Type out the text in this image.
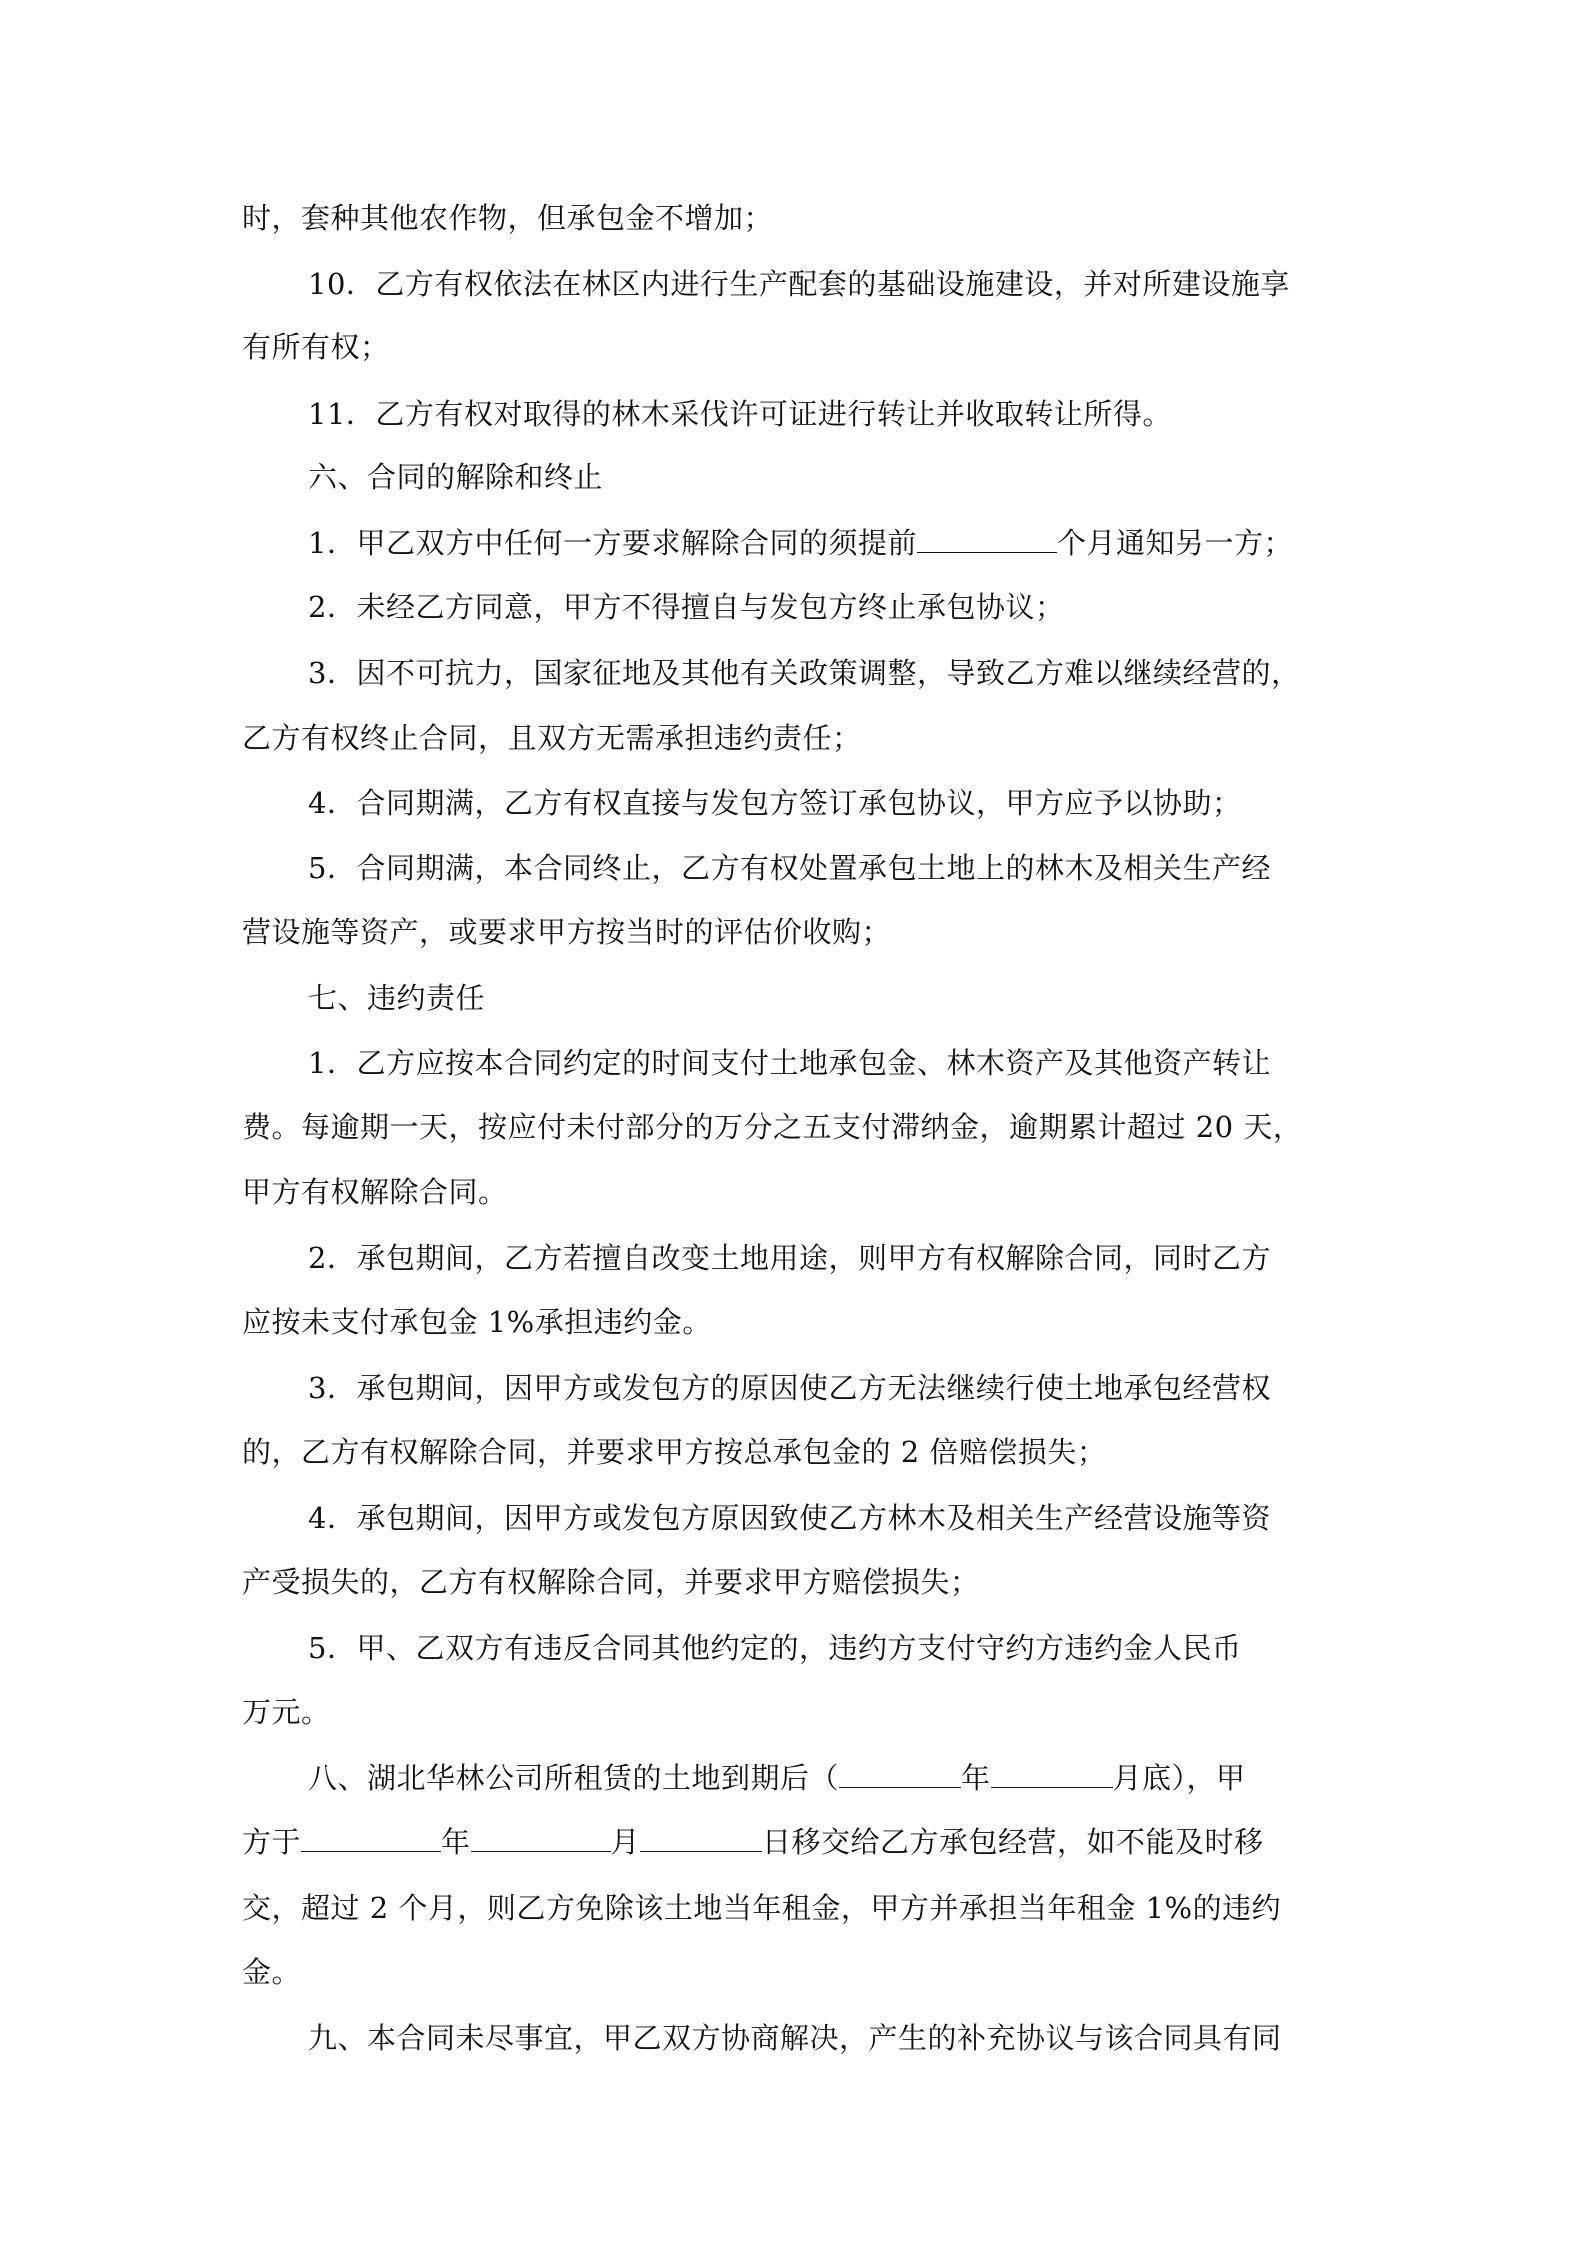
时，套种其他农作物，但承包金不增加；
10．乙方有权依法在林区内进行生产配套的基础设施建设，并对所建设施享
有所有权；
11．乙方有权对取得的林木采伐许可证进行转让并收取转让所得。
六、合同的解除和终止
1．甲乙双方中任何一方要求解除合同的须提前	个月通知另一方；
2．未经乙方同意，甲方不得擅自与发包方终止承包协议；
3．因不可抗力，国家征地及其他有关政策调整，导致乙方难以继续经营的，
乙方有权终止合同，且双方无需承担违约责任；
4．合同期满，乙方有权直接与发包方签订承包协议，甲方应予以协助；
5．合同期满，本合同终止，乙方有权处置承包土地上的林木及相关生产经
营设施等资产，或要求甲方按当时的评估价收购；
七、违约责任
1．乙方应按本合同约定的时间支付土地承包金、林木资产及其他资产转让
费。每逾期一天，按应付未付部分的万分之五支付滞纳金，逾期累计超过 20 天，
甲方有权解除合同。
2．承包期间，乙方若擅自改变土地用途，则甲方有权解除合同，同时乙方
应按未支付承包金 1%承担违约金。
3．承包期间，因甲方或发包方的原因使乙方无法继续行使土地承包经营权
的，乙方有权解除合同，并要求甲方按总承包金的 2 倍赔偿损失；
4．承包期间，因甲方或发包方原因致使乙方林木及相关生产经营设施等资
产受损失的，乙方有权解除合同，并要求甲方赔偿损失；
5．甲、乙双方有违反合同其他约定的，违约方支付守约方违约金人民币
万元。
八、湖北华林公司所租赁的土地到期后（	年	月底），甲
方于	年	月	日移交给乙方承包经营，如不能及时移
交，超过 2 个月，则乙方免除该土地当年租金，甲方并承担当年租金 1%的违约
金。
九、本合同未尽事宜，甲乙双方协商解决，产生的补充协议与该合同具有同
